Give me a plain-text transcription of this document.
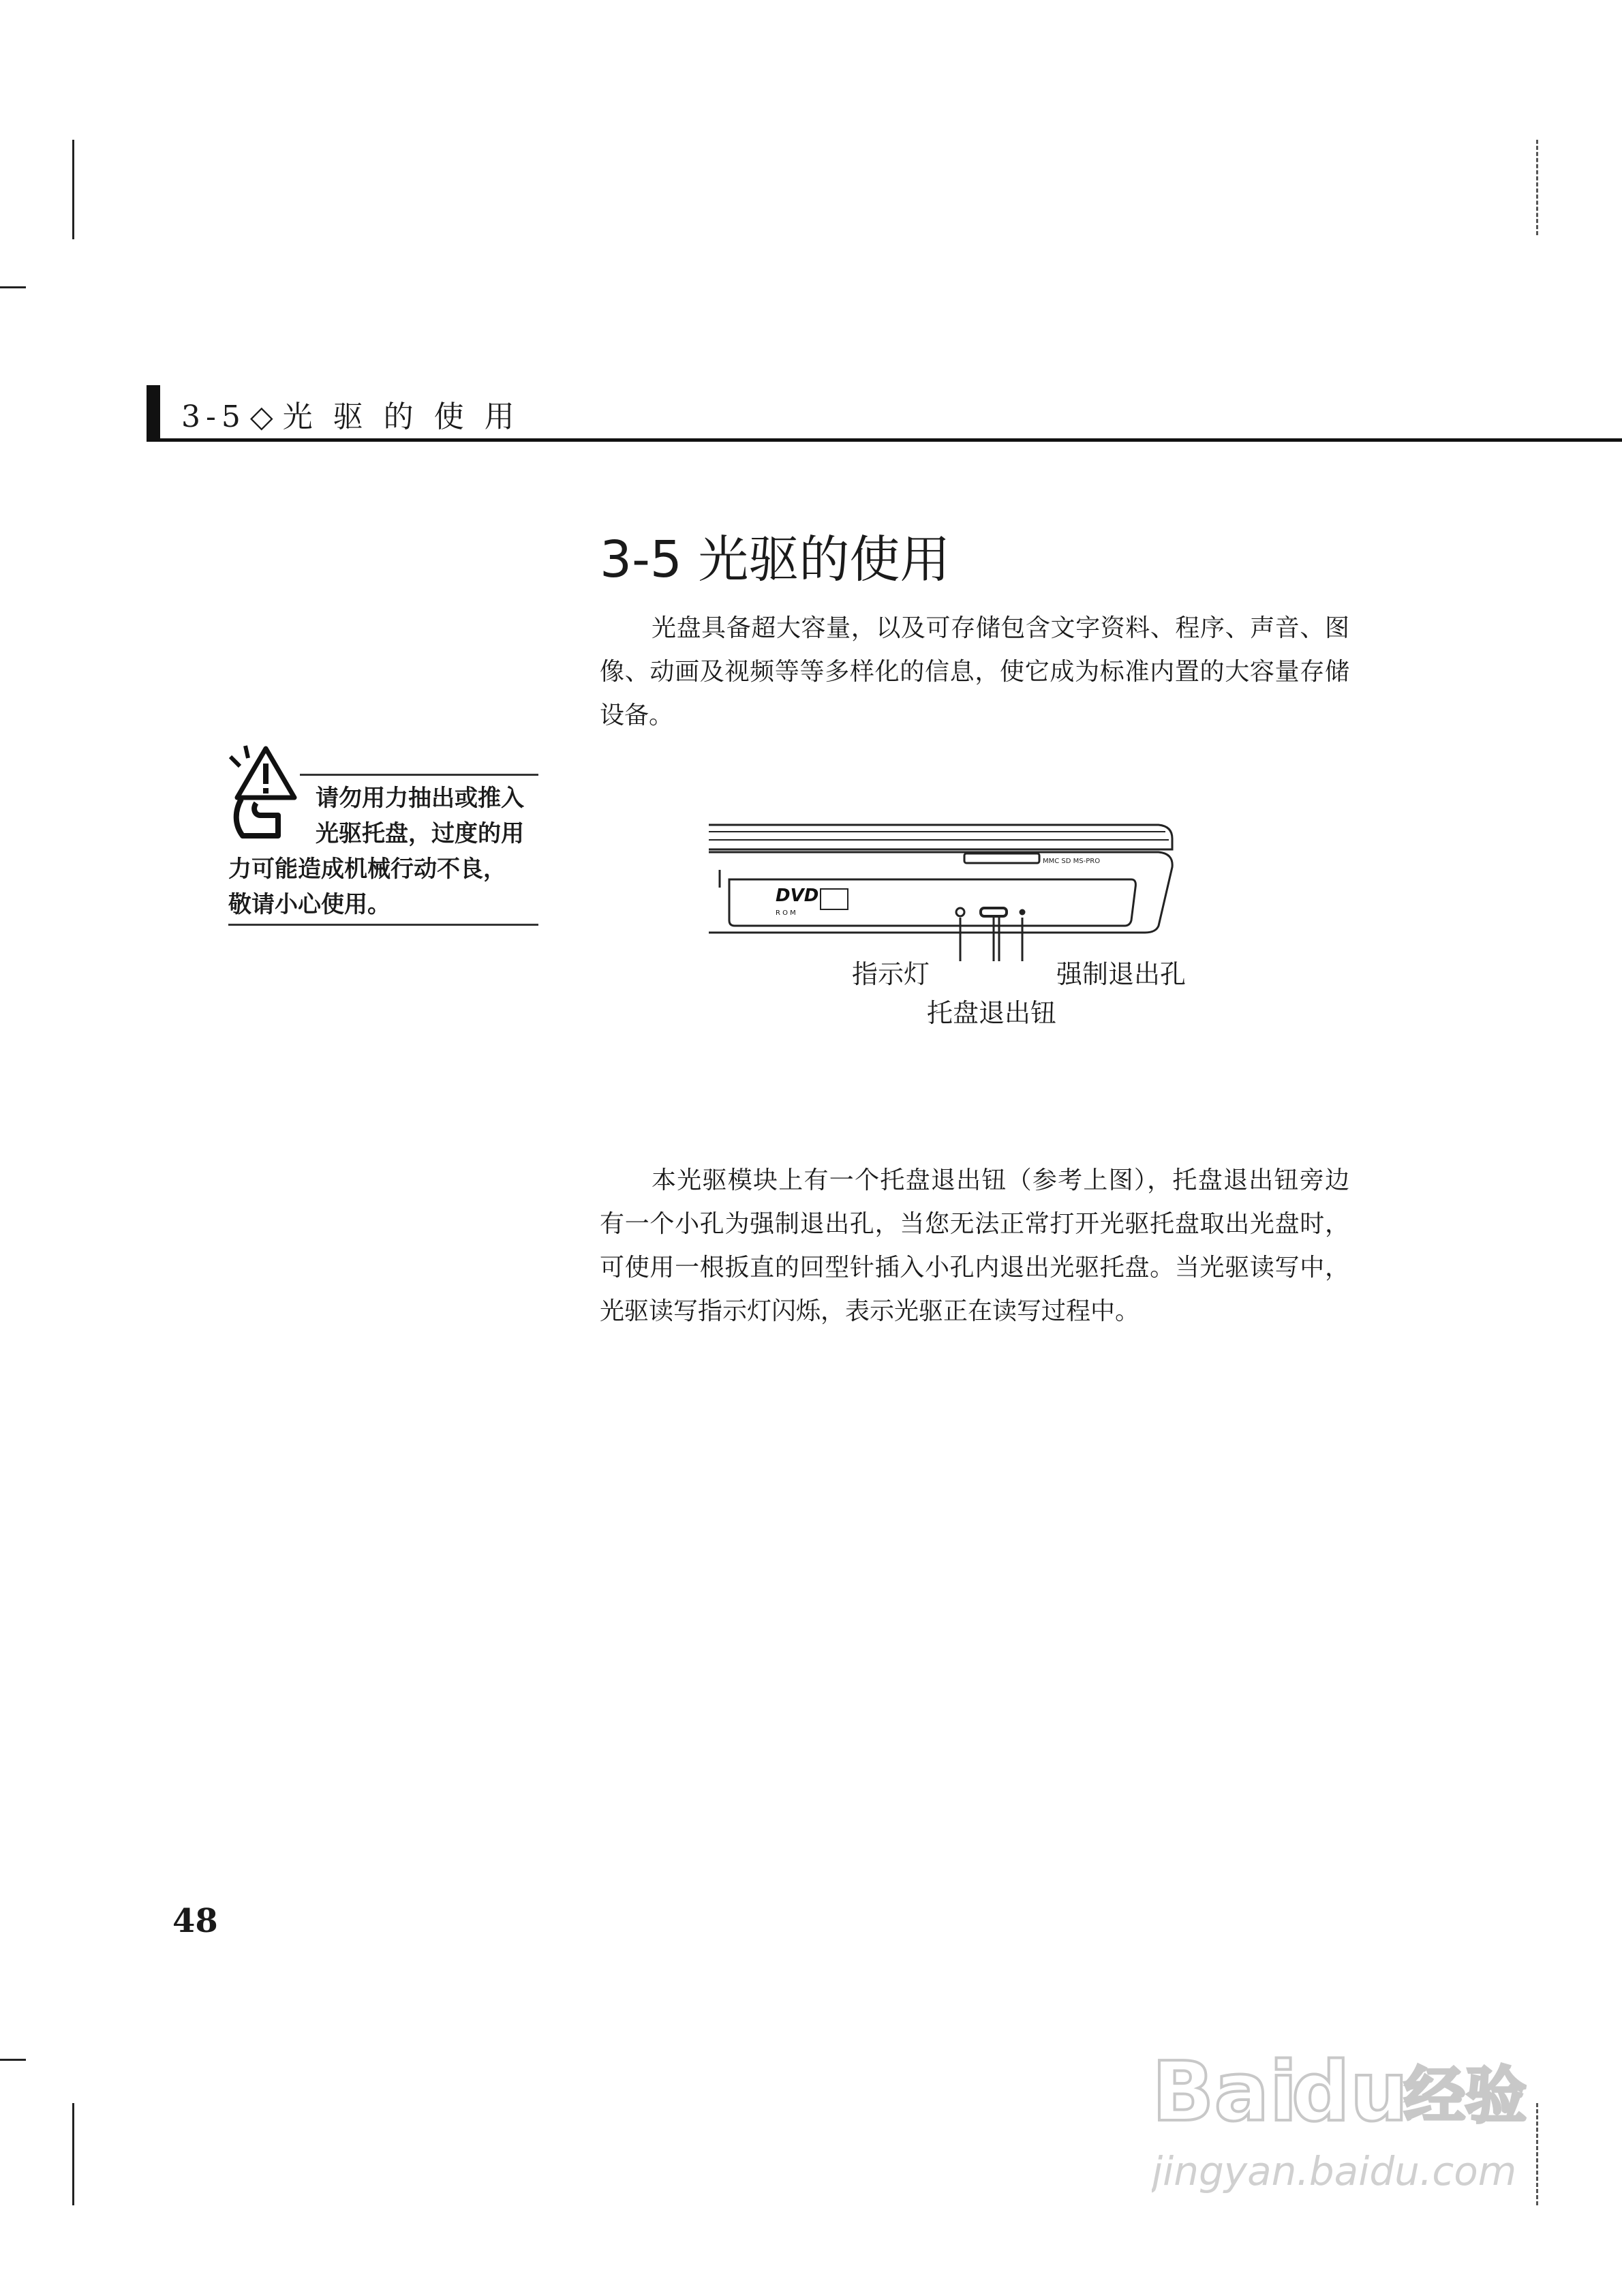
3-5 ◇ 光 驱 的 使 用
3-5 光驱的使用

光盘具备超大容量，以及可存储包含文字资料、程序、声音、图像、动画及视频等等多样化的信息，使它成为标准内置的大容量存储设备。

请勿用力抽出或推入
光驱托盘，过度的用
力可能造成机械行动不良，
敬请小心使用。
MMC SD MS-PRO
DVD
R O M
指示灯	强制退出孔
托盘退出钮

本光驱模块上有一个托盘退出钮（参考上图），托盘退出钮旁边有一个小孔为强制退出孔，当您无法正常打开光驱托盘取出光盘时，可使用一根扳直的回型针插入小孔内退出光驱托盘。当光驱读写中，光驱读写指示灯闪烁，表示光驱正在读写过程中。

48
Bai
du
经验
jingyan.baidu.com
